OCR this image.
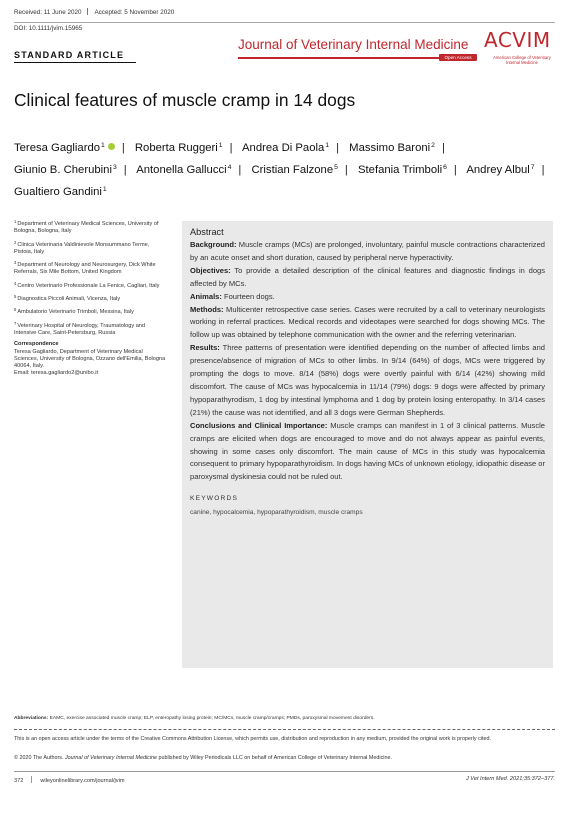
Received: 11 June 2020 Accepted: 5 November 2020
DOI: 10.1111/jvim.15965
STANDARD ARTICLE
Journal of Veterinary Internal Medicine
Open Access
ACVIM
American College of Veterinary Internal Medicine
Clinical features of muscle cramp in 14 dogs
Teresa Gagliardo$^1$ | Roberta Ruggeri$^1$ | Andrea Di Paola$^1$ | Massimo Baroni$^2$ | Giunio B. Cherubini$^3$ | Antonella Gallucci$^4$ | Cristian Falzone$^5$ | Stefania Trimboli$^6$ | Andrey Albul$^7$ | Gualtiero Gandini$^1$
$^1$Department of Veterinary Medical Sciences, University of Bologna, Bologna, Italy
$^2$Clinica Veterinaria Valdinievole Monsummano Terme, Pistoia, Italy
$^3$Department of Neurology and Neurosurgery, Dick White Referrals, Six Mile Bottom, United Kingdom
$^4$Centro Veterinario Professionale La Fenice, Cagliari, Italy
$^5$Diagnostica Piccoli Animali, Vicenza, Italy
$^6$Ambulatorio Veterinario Trimboli, Messina, Italy
$^7$Veterinary Hospital of Neurology, Traumatology and Intensive Care, Saint-Petersburg, Russia
Correspondence
Teresa Gagliardo, Department of Veterinary Medical Sciences, University of Bologna, Ozzano dell'Emilia, Bologna 40064, Italy.
Email: teresa.gagliardo2@unibo.it
Abstract

Background: Muscle cramps (MCs) are prolonged, involuntary, painful muscle contractions characterized by an acute onset and short duration, caused by peripheral nerve hyperactivity.

Objectives: To provide a detailed description of the clinical features and diagnostic findings in dogs affected by MCs.

Animals: Fourteen dogs.

Methods: Multicenter retrospective case series. Cases were recruited by a call to veterinary neurologists working in referral practices. Medical records and videotapes were searched for dogs showing MCs. The follow up was obtained by telephone communication with the owner and the referring veterinarian.

Results: Three patterns of presentation were identified depending on the number of affected limbs and presence/absence of migration of MCs to other limbs. In 9/14 (64%) of dogs, MCs were triggered by prompting the dogs to move. 8/14 (58%) dogs were overtly painful with 6/14 (42%) showing mild discomfort. The cause of MCs was hypocalcemia in 11/14 (79%) dogs: 9 dogs were affected by primary hypoparathyrodism, 1 dog by intestinal lymphoma and 1 dog by protein losing enteropathy. In 3/14 cases (21%) the cause was not identified, and all 3 dogs were German Shepherds.

Conclusions and Clinical Importance: Muscle cramps can manifest in 1 of 3 clinical patterns. Muscle cramps are elicited when dogs are encouraged to move and do not always appear as painful events, showing in some cases only discomfort. The main cause of MCs in this study was hypocalcemia consequent to primary hypoparathyroidism. In dogs having MCs of unknown etiology, idiopathic disease or paroxysmal dyskinesia could not be ruled out.

KEYWORDS
canine, hypocalcemia, hypoparathyroidism, muscle cramps
Abbreviations: EAMC, exercise associated muscle cramp; ELP, enteropathy losing protein; MC/MCs, muscle cramp/cramps; PMDs, paroxysmal movement disorders.
This is an open access article under the terms of the Creative Commons Attribution License, which permits use, distribution and reproduction in any medium, provided the original work is properly cited.
© 2020 The Authors. Journal of Veterinary Internal Medicine published by Wiley Periodicals LLC on behalf of American College of Veterinary Internal Medicine.
372	wileyonlinelibrary.com/journal/jvim	J Vet Intern Med. 2021;35:372–377.
